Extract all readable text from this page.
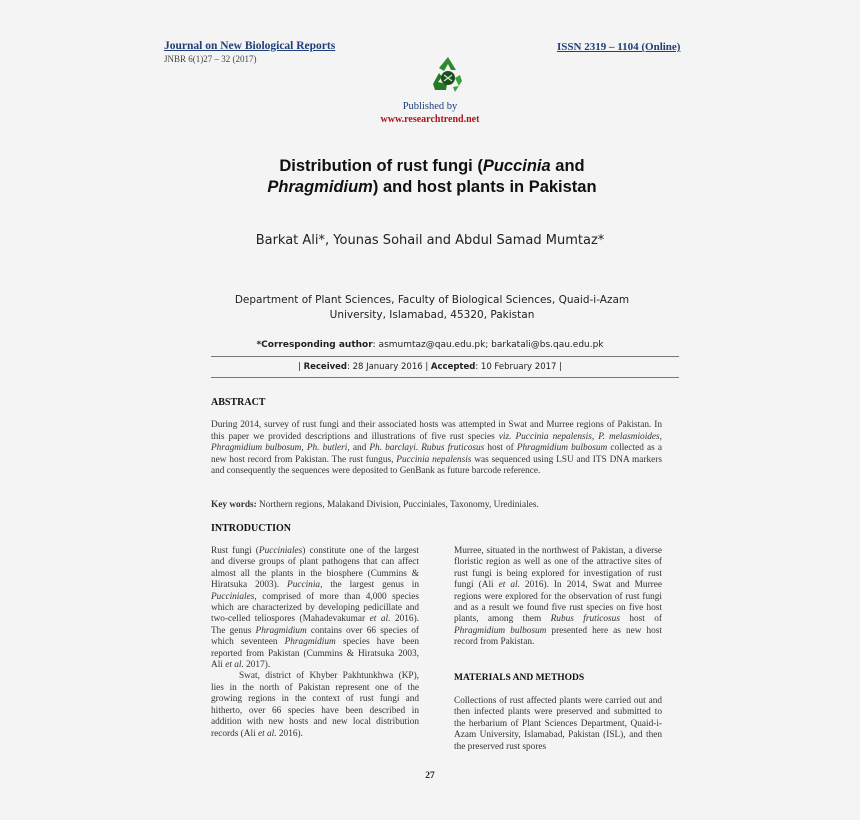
Journal on New Biological Reports
JNBR 6(1)27 – 32 (2017)
ISSN 2319 – 1104 (Online)
Published by
www.researchtrend.net
Distribution of rust fungi (Puccinia and
Phragmidium) and host plants in Pakistan
Barkat Ali*, Younas Sohail and Abdul Samad Mumtaz*
Department of Plant Sciences, Faculty of Biological Sciences, Quaid-i-Azam
University, Islamabad, 45320, Pakistan
*Corresponding author: asmumtaz@qau.edu.pk; barkatali@bs.qau.edu.pk
| Received: 28 January 2016 | Accepted: 10 February 2017 |
ABSTRACT
During 2014, survey of rust fungi and their associated hosts was attempted in Swat and Murree regions of Pakistan. In this paper we provided descriptions and illustrations of five rust species viz. Puccinia nepalensis, P. melasmioides, Phragmidium bulbosum, Ph. butleri, and Ph. barclayi. Rubus fruticosus host of Phragmidium bulbosum collected as a new host record from Pakistan. The rust fungus, Puccinia nepalensis was sequenced using LSU and ITS DNA markers and consequently the sequences were deposited to GenBank as future barcode reference.
Key words: Northern regions, Malakand Division, Pucciniales, Taxonomy, Urediniales.
INTRODUCTION

Rust fungi (Pucciniales) constitute one of the largest and diverse groups of plant pathogens that can affect almost all the plants in the biosphere (Cummins & Hiratsuka 2003). Puccinia, the largest genus in Pucciniales, comprised of more than 4,000 species which are characterized by developing pedicillate and two-celled teliospores (Mahadevakumar et al. 2016). The genus Phragmidium contains over 66 species of which seventeen Phragmidium species have been reported from Pakistan (Cummins & Hiratsuka 2003, Ali et al. 2017).

Swat, district of Khyber Pakhtunkhwa (KP), lies in the north of Pakistan represent one of the growing regions in the context of rust fungi and hitherto, over 66 species have been described in addition with new hosts and new local distribution records (Ali et al. 2016).

Murree, situated in the northwest of Pakistan, a diverse floristic region as well as one of the attractive sites of rust fungi is being explored for investigation of rust fungi (Ali et al. 2016). In 2014, Swat and Murree regions were explored for the observation of rust fungi and as a result we found five rust species on five host plants, among them Rubus fruticosus host of Phragmidium bulbosum presented here as new host record from Pakistan.

MATERIALS AND METHODS
Collections of rust affected plants were carried out and then infected plants were preserved and submitted to the herbarium of Plant Sciences Department, Quaid-i-Azam University, Islamabad, Pakistan (ISL), and then the preserved rust spores
27
